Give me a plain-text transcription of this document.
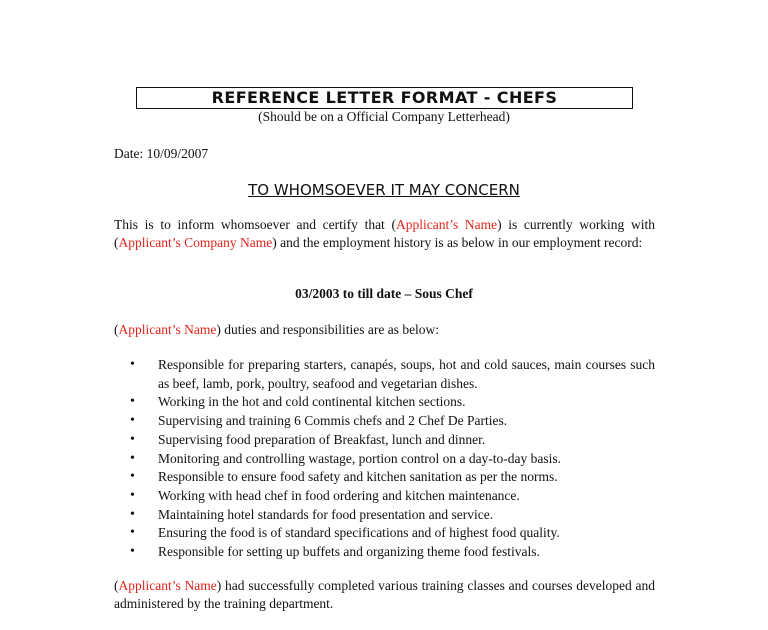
REFERENCE LETTER FORMAT - CHEFS
(Should be on a Official Company Letterhead)
Date: 10/09/2007
TO WHOMSOEVER IT MAY CONCERN
This is to inform whomsoever and certify that (Applicant’s Name) is currently working with (Applicant’s Company Name) and the employment history is as below in our employment record:
03/2003 to till date – Sous Chef
(Applicant’s Name) duties and responsibilities are as below:
• Responsible for preparing starters, canapés, soups, hot and cold sauces, main courses such as beef, lamb, pork, poultry, seafood and vegetarian dishes.
• Working in the hot and cold continental kitchen sections.
• Supervising and training 6 Commis chefs and 2 Chef De Parties.
• Supervising food preparation of Breakfast, lunch and dinner.
• Monitoring and controlling wastage, portion control on a day-to-day basis.
• Responsible to ensure food safety and kitchen sanitation as per the norms.
• Working with head chef in food ordering and kitchen maintenance.
• Maintaining hotel standards for food presentation and service.
• Ensuring the food is of standard specifications and of highest food quality.
• Responsible for setting up buffets and organizing theme food festivals.
(Applicant’s Name) had successfully completed various training classes and courses developed and administered by the training department.
